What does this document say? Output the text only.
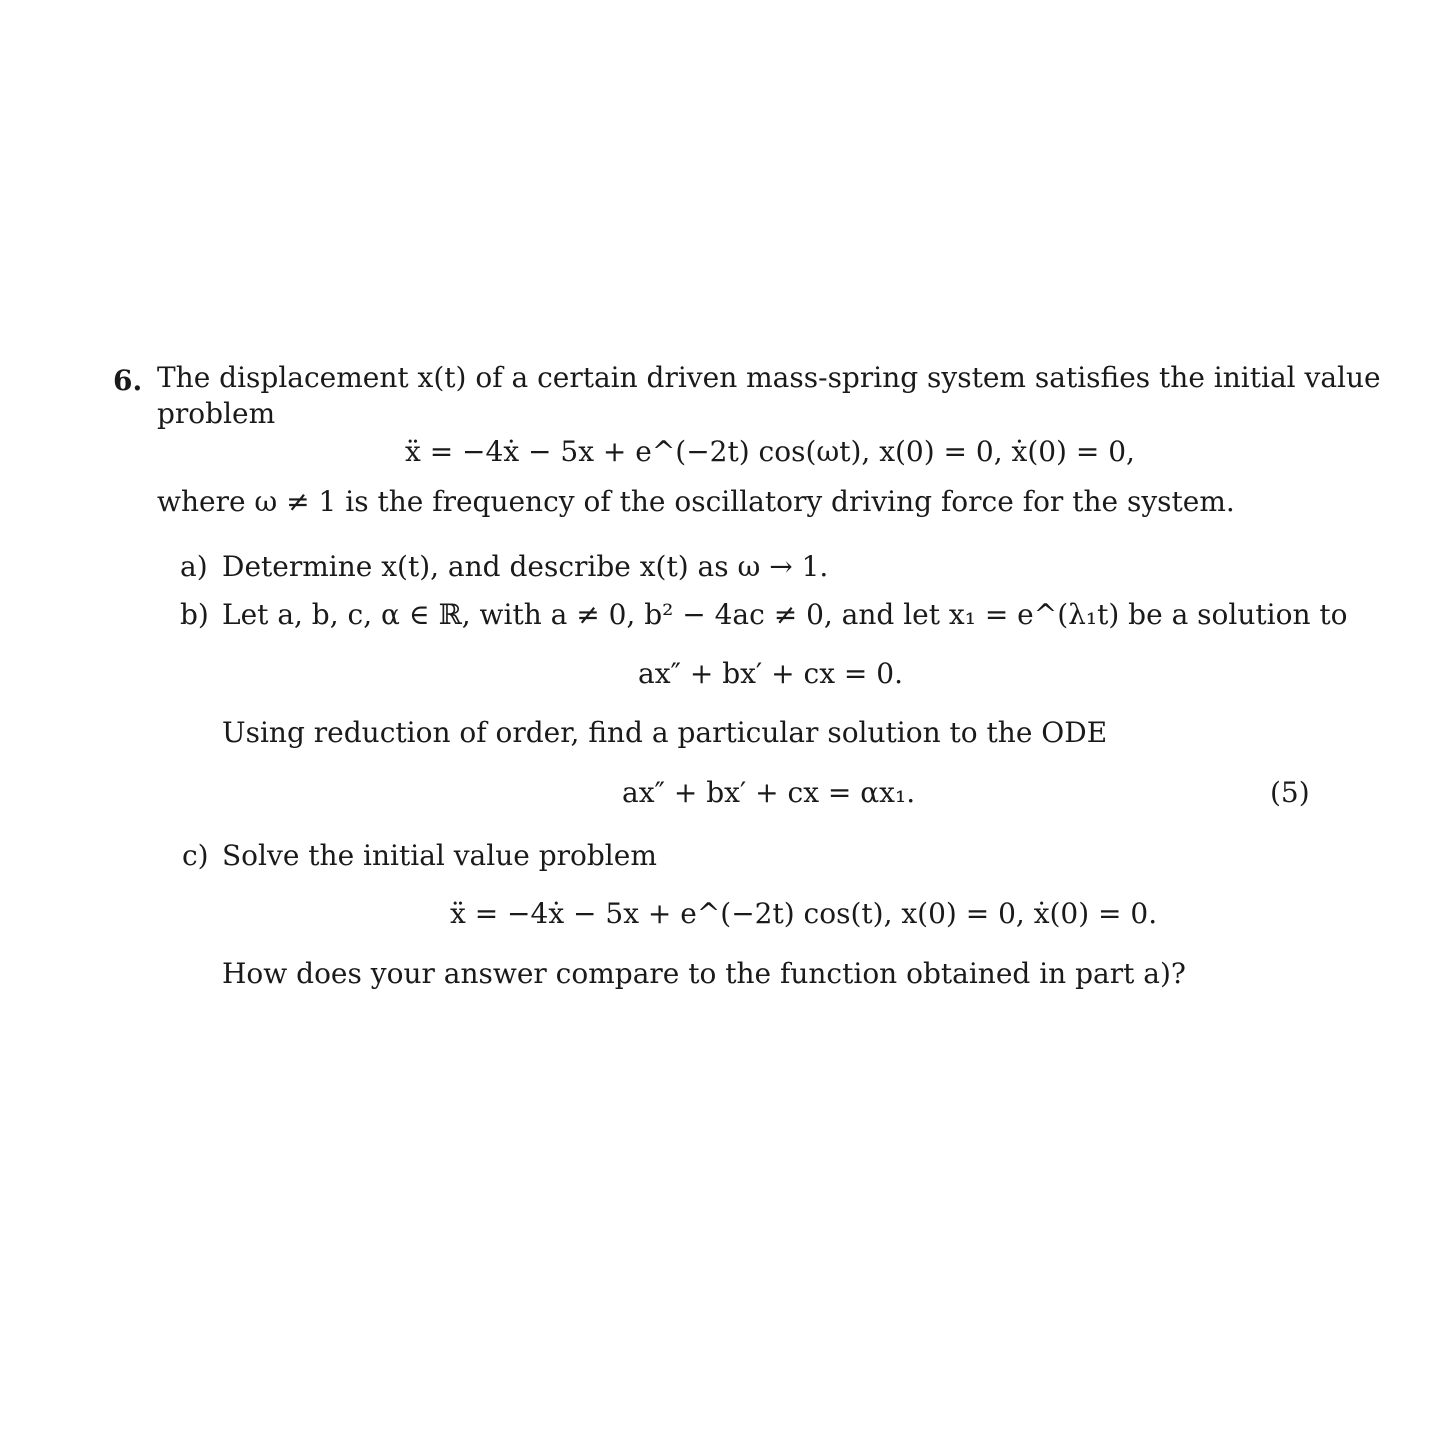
6. The displacement x(t) of a certain driven mass-spring system satisfies the initial value
problem
ẍ = −4ẋ − 5x + e^(−2t) cos(ωt), x(0) = 0, ẋ(0) = 0,
where ω ≠ 1 is the frequency of the oscillatory driving force for the system.
a) Determine x(t), and describe x(t) as ω → 1.
b) Let a, b, c, α ∈ ℝ, with a ≠ 0, b² − 4ac ≠ 0, and let x₁ = e^(λ₁t) be a solution to
ax″ + bx′ + cx = 0.
Using reduction of order, find a particular solution to the ODE
ax″ + bx′ + cx = αx₁.	(5)
c) Solve the initial value problem
ẍ = −4ẋ − 5x + e^(−2t) cos(t), x(0) = 0, ẋ(0) = 0.
How does your answer compare to the function obtained in part a)?
